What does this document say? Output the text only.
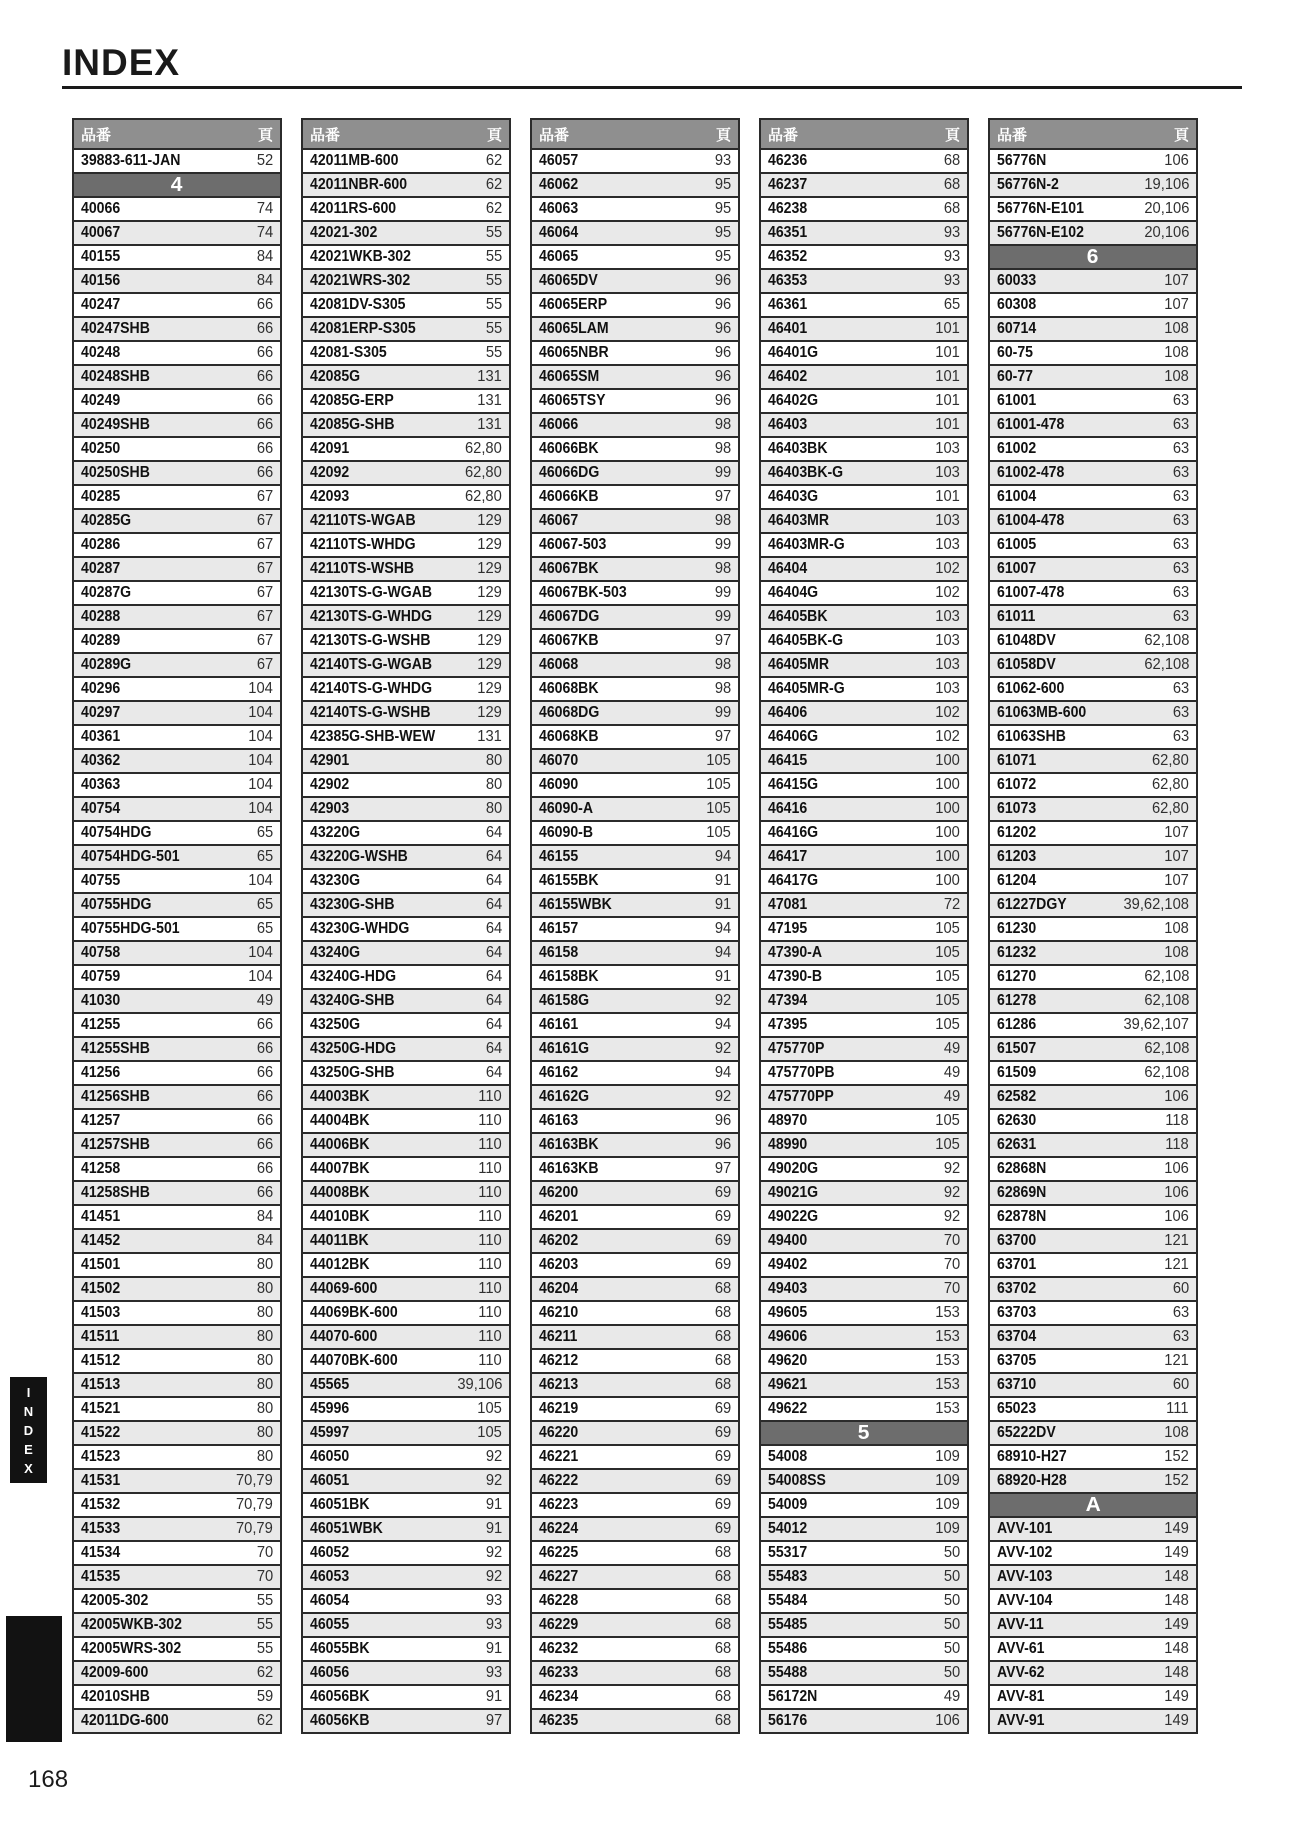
INDEX
品番	頁
39883-611-JAN	52
4
40066	74
40067	74
40155	84
40156	84
40247	66
40247SHB	66
40248	66
40248SHB	66
40249	66
40249SHB	66
40250	66
40250SHB	66
40285	67
40285G	67
40286	67
40287	67
40287G	67
40288	67
40289	67
40289G	67
40296	104
40297	104
40361	104
40362	104
40363	104
40754	104
40754HDG	65
40754HDG-501	65
40755	104
40755HDG	65
40755HDG-501	65
40758	104
40759	104
41030	49
41255	66
41255SHB	66
41256	66
41256SHB	66
41257	66
41257SHB	66
41258	66
41258SHB	66
41451	84
41452	84
41501	80
41502	80
41503	80
41511	80
41512	80
41513	80
41521	80
41522	80
41523	80
41531	70,79
41532	70,79
41533	70,79
41534	70
41535	70
42005-302	55
42005WKB-302	55
42005WRS-302	55
42009-600	62
42010SHB	59
42011DG-600	62
品番	頁
42011MB-600	62
42011NBR-600	62
42011RS-600	62
42021-302	55
42021WKB-302	55
42021WRS-302	55
42081DV-S305	55
42081ERP-S305	55
42081-S305	55
42085G	131
42085G-ERP	131
42085G-SHB	131
42091	62,80
42092	62,80
42093	62,80
42110TS-WGAB	129
42110TS-WHDG	129
42110TS-WSHB	129
42130TS-G-WGAB	129
42130TS-G-WHDG	129
42130TS-G-WSHB	129
42140TS-G-WGAB	129
42140TS-G-WHDG	129
42140TS-G-WSHB	129
42385G-SHB-WEW	131
42901	80
42902	80
42903	80
43220G	64
43220G-WSHB	64
43230G	64
43230G-SHB	64
43230G-WHDG	64
43240G	64
43240G-HDG	64
43240G-SHB	64
43250G	64
43250G-HDG	64
43250G-SHB	64
44003BK	110
44004BK	110
44006BK	110
44007BK	110
44008BK	110
44010BK	110
44011BK	110
44012BK	110
44069-600	110
44069BK-600	110
44070-600	110
44070BK-600	110
45565	39,106
45996	105
45997	105
46050	92
46051	92
46051BK	91
46051WBK	91
46052	92
46053	92
46054	93
46055	93
46055BK	91
46056	93
46056BK	91
46056KB	97
品番	頁
46057	93
46062	95
46063	95
46064	95
46065	95
46065DV	96
46065ERP	96
46065LAM	96
46065NBR	96
46065SM	96
46065TSY	96
46066	98
46066BK	98
46066DG	99
46066KB	97
46067	98
46067-503	99
46067BK	98
46067BK-503	99
46067DG	99
46067KB	97
46068	98
46068BK	98
46068DG	99
46068KB	97
46070	105
46090	105
46090-A	105
46090-B	105
46155	94
46155BK	91
46155WBK	91
46157	94
46158	94
46158BK	91
46158G	92
46161	94
46161G	92
46162	94
46162G	92
46163	96
46163BK	96
46163KB	97
46200	69
46201	69
46202	69
46203	69
46204	68
46210	68
46211	68
46212	68
46213	68
46219	69
46220	69
46221	69
46222	69
46223	69
46224	69
46225	68
46227	68
46228	68
46229	68
46232	68
46233	68
46234	68
46235	68
品番	頁
46236	68
46237	68
46238	68
46351	93
46352	93
46353	93
46361	65
46401	101
46401G	101
46402	101
46402G	101
46403	101
46403BK	103
46403BK-G	103
46403G	101
46403MR	103
46403MR-G	103
46404	102
46404G	102
46405BK	103
46405BK-G	103
46405MR	103
46405MR-G	103
46406	102
46406G	102
46415	100
46415G	100
46416	100
46416G	100
46417	100
46417G	100
47081	72
47195	105
47390-A	105
47390-B	105
47394	105
47395	105
475770P	49
475770PB	49
475770PP	49
48970	105
48990	105
49020G	92
49021G	92
49022G	92
49400	70
49402	70
49403	70
49605	153
49606	153
49620	153
49621	153
49622	153
5
54008	109
54008SS	109
54009	109
54012	109
55317	50
55483	50
55484	50
55485	50
55486	50
55488	50
56172N	49
56176	106
品番	頁
56776N	106
56776N-2	19,106
56776N-E101	20,106
56776N-E102	20,106
6
60033	107
60308	107
60714	108
60-75	108
60-77	108
61001	63
61001-478	63
61002	63
61002-478	63
61004	63
61004-478	63
61005	63
61007	63
61007-478	63
61011	63
61048DV	62,108
61058DV	62,108
61062-600	63
61063MB-600	63
61063SHB	63
61071	62,80
61072	62,80
61073	62,80
61202	107
61203	107
61204	107
61227DGY	39,62,108
61230	108
61232	108
61270	62,108
61278	62,108
61286	39,62,107
61507	62,108
61509	62,108
62582	106
62630	118
62631	118
62868N	106
62869N	106
62878N	106
63700	121
63701	121
63702	60
63703	63
63704	63
63705	121
63710	60
65023	111
65222DV	108
68910-H27	152
68920-H28	152
A
AVV-101	149
AVV-102	149
AVV-103	148
AVV-104	148
AVV-11	149
AVV-61	148
AVV-62	148
AVV-81	149
AVV-91	149
I
N
D
E
X
168
